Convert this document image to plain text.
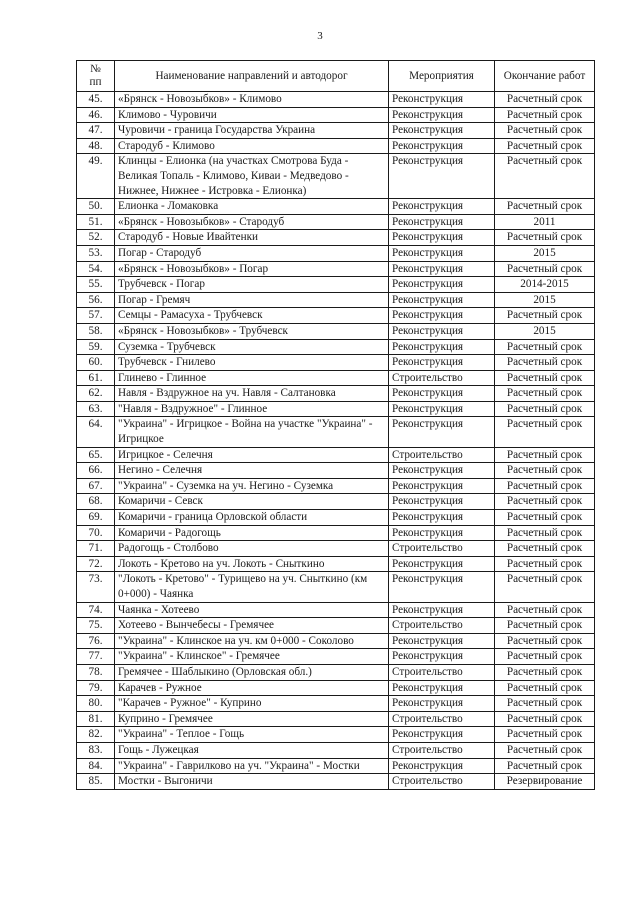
3
№
пп	Наименование направлений и автодорог	Мероприятия	Окончание работ
45.	«Брянск - Новозыбков» - Климово	Реконструкция	Расчетный срок
46.	Климово - Чуровичи	Реконструкция	Расчетный срок
47.	Чуровичи - граница Государства Украина	Реконструкция	Расчетный срок
48.	Стародуб - Климово	Реконструкция	Расчетный срок
49.	Клинцы - Елионка (на участках Смотрова Буда - Великая Топаль - Климово, Киваи - Медведово - Нижнее, Нижнее - Истровка - Елионка)	Реконструкция	Расчетный срок
50.	Елионка - Ломаковка	Реконструкция	Расчетный срок
51.	«Брянск - Новозыбков» - Стародуб	Реконструкция	2011
52.	Стародуб - Новые Ивайтенки	Реконструкция	Расчетный срок
53.	Погар - Стародуб	Реконструкция	2015
54.	«Брянск - Новозыбков» - Погар	Реконструкция	Расчетный срок
55.	Трубчевск - Погар	Реконструкция	2014-2015
56.	Погар - Гремяч	Реконструкция	2015
57.	Семцы - Рамасуха - Трубчевск	Реконструкция	Расчетный срок
58.	«Брянск - Новозыбков» - Трубчевск	Реконструкция	2015
59.	Суземка - Трубчевск	Реконструкция	Расчетный срок
60.	Трубчевск - Гнилево	Реконструкция	Расчетный срок
61.	Глинево - Глинное	Строительство	Расчетный срок
62.	Навля - Вздружное на уч. Навля - Салтановка	Реконструкция	Расчетный срок
63.	"Навля - Вздружное" - Глинное	Реконструкция	Расчетный срок
64.	"Украина" - Игрицкое - Война на участке "Украина" - Игрицкое	Реконструкция	Расчетный срок
65.	Игрицкое - Селечня	Строительство	Расчетный срок
66.	Негино - Селечня	Реконструкция	Расчетный срок
67.	"Украина" - Суземка на уч. Негино - Суземка	Реконструкция	Расчетный срок
68.	Комаричи - Севск	Реконструкция	Расчетный срок
69.	Комаричи - граница Орловской области	Реконструкция	Расчетный срок
70.	Комаричи - Радогощь	Реконструкция	Расчетный срок
71.	Радогощь - Столбово	Строительство	Расчетный срок
72.	Локоть - Кретово на уч. Локоть - Сныткино	Реконструкция	Расчетный срок
73.	"Локоть - Кретово" - Турищево на уч. Сныткино (км 0+000) - Чаянка	Реконструкция	Расчетный срок
74.	Чаянка - Хотеево	Реконструкция	Расчетный срок
75.	Хотеево - Вынчебесы - Гремячее	Строительство	Расчетный срок
76.	"Украина" - Клинское на уч. км 0+000 - Соколово	Реконструкция	Расчетный срок
77.	"Украина" - Клинское" - Гремячее	Реконструкция	Расчетный срок
78.	Гремячее - Шаблыкино (Орловская обл.)	Строительство	Расчетный срок
79.	Карачев - Ружное	Реконструкция	Расчетный срок
80.	"Карачев - Ружное" - Куприно	Реконструкция	Расчетный срок
81.	Куприно - Гремячее	Строительство	Расчетный срок
82.	"Украина" - Теплое - Гощь	Реконструкция	Расчетный срок
83.	Гощь - Лужецкая	Строительство	Расчетный срок
84.	"Украина" - Гаврилково на уч. "Украина" - Мостки	Реконструкция	Расчетный срок
85.	Мостки - Выгоничи	Строительство	Резервирование
